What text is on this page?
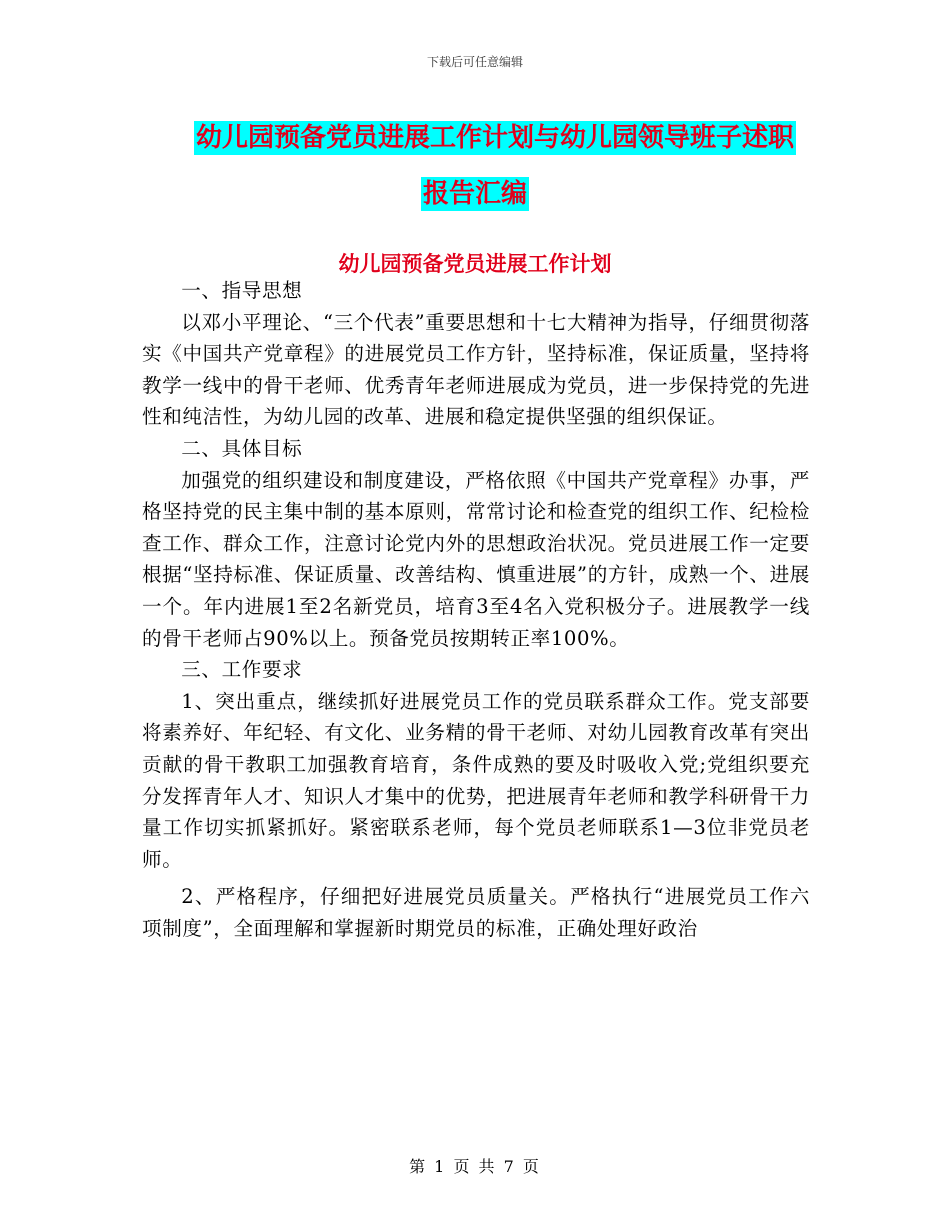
下载后可任意编辑
幼儿园预备党员进展工作计划与幼儿园领导班子述职
报告汇编
幼儿园预备党员进展工作计划

一、指导思想

以邓小平理论、“三个代表”重要思想和十七大精神为指导，仔细贯彻落实《中国共产党章程》的进展党员工作方针，坚持标准，保证质量，坚持将教学一线中的骨干老师、优秀青年老师进展成为党员，进一步保持党的先进性和纯洁性，为幼儿园的改革、进展和稳定提供坚强的组织保证。

二、具体目标

加强党的组织建设和制度建设，严格依照《中国共产党章程》办事，严格坚持党的民主集中制的基本原则，常常讨论和检查党的组织工作、纪检检查工作、群众工作，注意讨论党内外的思想政治状况。党员进展工作一定要根据“坚持标准、保证质量、改善结构、慎重进展”的方针，成熟一个、进展一个。年内进展1至2名新党员，培育3至4名入党积极分子。进展教学一线的骨干老师占90%以上。预备党员按期转正率100%。

三、工作要求

1、突出重点，继续抓好进展党员工作的党员联系群众工作。党支部要将素养好、年纪轻、有文化、业务精的骨干老师、对幼儿园教育改革有突出贡献的骨干教职工加强教育培育，条件成熟的要及时吸收入党;党组织要充分发挥青年人才、知识人才集中的优势，把进展青年老师和教学科研骨干力量工作切实抓紧抓好。紧密联系老师，每个党员老师联系1—3位非党员老师。

2、严格程序，仔细把好进展党员质量关。严格执行“进展党员工作六项制度”，全面理解和掌握新时期党员的标准，正确处理好政治

第 1 页 共 7 页
